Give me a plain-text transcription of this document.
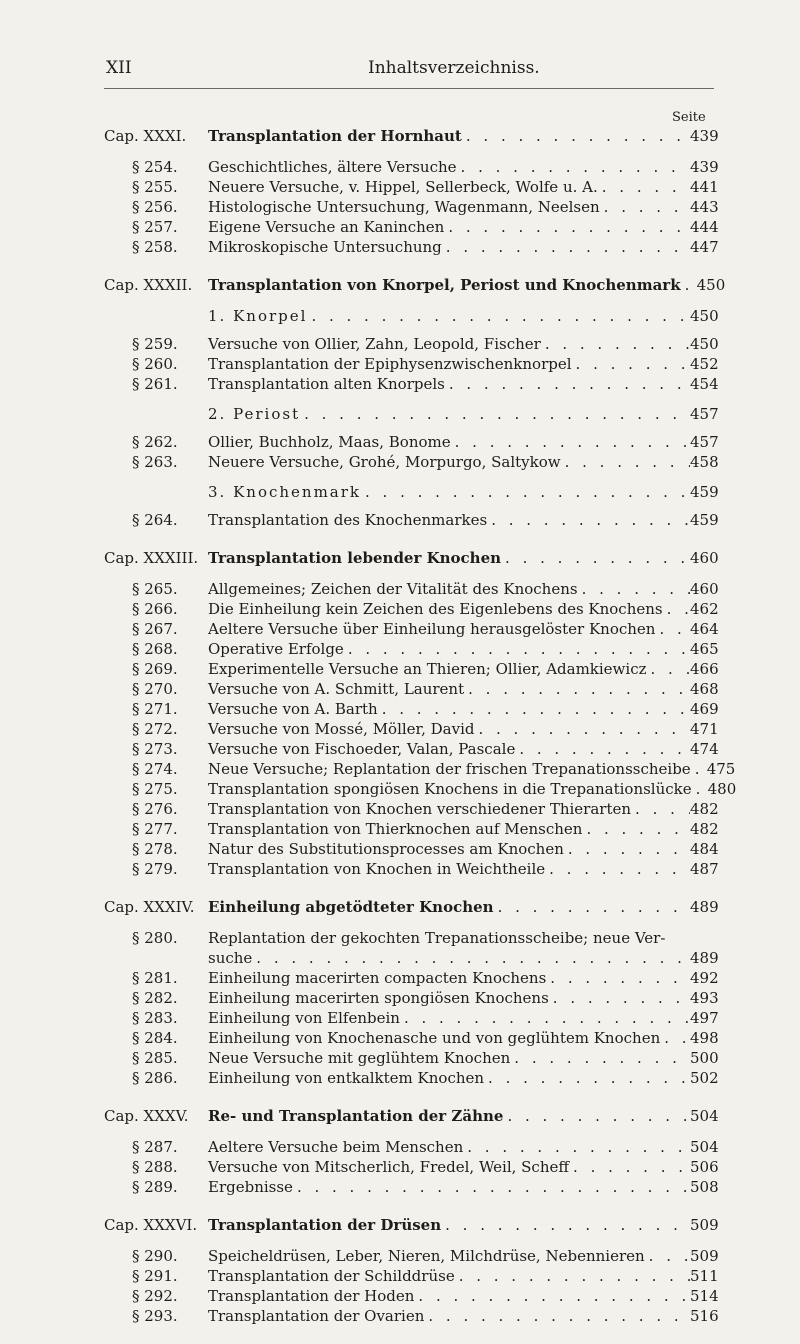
XII	Inhaltsverzeichniss.
Seite
Cap. XXXI.	Transplantation der Hornhaut . . .	439
§ 254.	Geschichtliches, ältere Versuche . . .	439
§ 255.	Neuere Versuche, v. Hippel, Sellerbeck, Wolfe u. A. . . .	441
§ 256.	Histologische Untersuchung, Wagenmann, Neelsen . . .	443
§ 257.	Eigene Versuche an Kaninchen . . .	444
§ 258.	Mikroskopische Untersuchung . . .	447
Cap. XXXII.	Transplantation von Knorpel, Periost und Knochenmark . . . 450
1. Knorpel . . .	450
§ 259.	Versuche von Ollier, Zahn, Leopold, Fischer . . .	450
§ 260.	Transplantation der Epiphysenzwischenknorpel . . .	452
§ 261.	Transplantation alten Knorpels . . .	454
2. Periost . . .	457
§ 262.	Ollier, Buchholz, Maas, Bonome . . .	457
§ 263.	Neuere Versuche, Grohé, Morpurgo, Saltykow . . .	458
3. Knochenmark . . .	459
§ 264.	Transplantation des Knochenmarkes . . .	459
Cap. XXXIII. Transplantation lebender Knochen . . .	460
§ 265.	Allgemeines; Zeichen der Vitalität des Knochens . . .	460
§ 266.	Die Einheilung kein Zeichen des Eigenlebens des Knochens . . . 462
§ 267.	Aeltere Versuche über Einheilung herausgelöster Knochen . . . 464
§ 268.	Operative Erfolge . . .	465
§ 269.	Experimentelle Versuche an Thieren; Ollier, Adamkiewicz . . .	466
§ 270.	Versuche von A. Schmitt, Laurent . . .	468
§ 271.	Versuche von A. Barth . . .	469
§ 272.	Versuche von Mossé, Möller, David . . .	471
§ 273.	Versuche von Fischoeder, Valan, Pascale . . .	474
§ 274.	Neue Versuche; Replantation der frischen Trepanationsscheibe . . . 475
§ 275.	Transplantation spongiösen Knochens in die Trepanationslücke . . . 480
§ 276.	Transplantation von Knochen verschiedener Thierarten . . .	482
§ 277.	Transplantation von Thierknochen auf Menschen . . .	482
§ 278.	Natur des Substitutionsprocesses am Knochen . . .	484
§ 279.	Transplantation von Knochen in Weichtheile . . .	487
Cap. XXXIV. Einheilung abgetödteter Knochen . . .	489
§ 280.	Replantation der gekochten Trepanationsscheibe; neue Ver-
suche . . .	489
§ 281.	Einheilung macerirten compacten Knochens . . .	492
§ 282.	Einheilung macerirten spongiösen Knochens . . .	493
§ 283.	Einheilung von Elfenbein . . .	497
§ 284.	Einheilung von Knochenasche und von geglühtem Knochen . . . 498
§ 285.	Neue Versuche mit geglühtem Knochen . . .	500
§ 286.	Einheilung von entkalktem Knochen . . .	502
Cap. XXXV.	Re- und Transplantation der Zähne . . .	504
§ 287.	Aeltere Versuche beim Menschen . . .	504
§ 288.	Versuche von Mitscherlich, Fredel, Weil, Scheff . . .	506
§ 289.	Ergebnisse . . .	508
Cap. XXXVI. Transplantation der Drüsen . . .	509
§ 290.	Speicheldrüsen, Leber, Nieren, Milchdrüse, Nebennieren . . .	509
§ 291.	Transplantation der Schilddrüse . . .	511
§ 292.	Transplantation der Hoden . . .	514
§ 293.	Transplantation der Ovarien . . .	516
